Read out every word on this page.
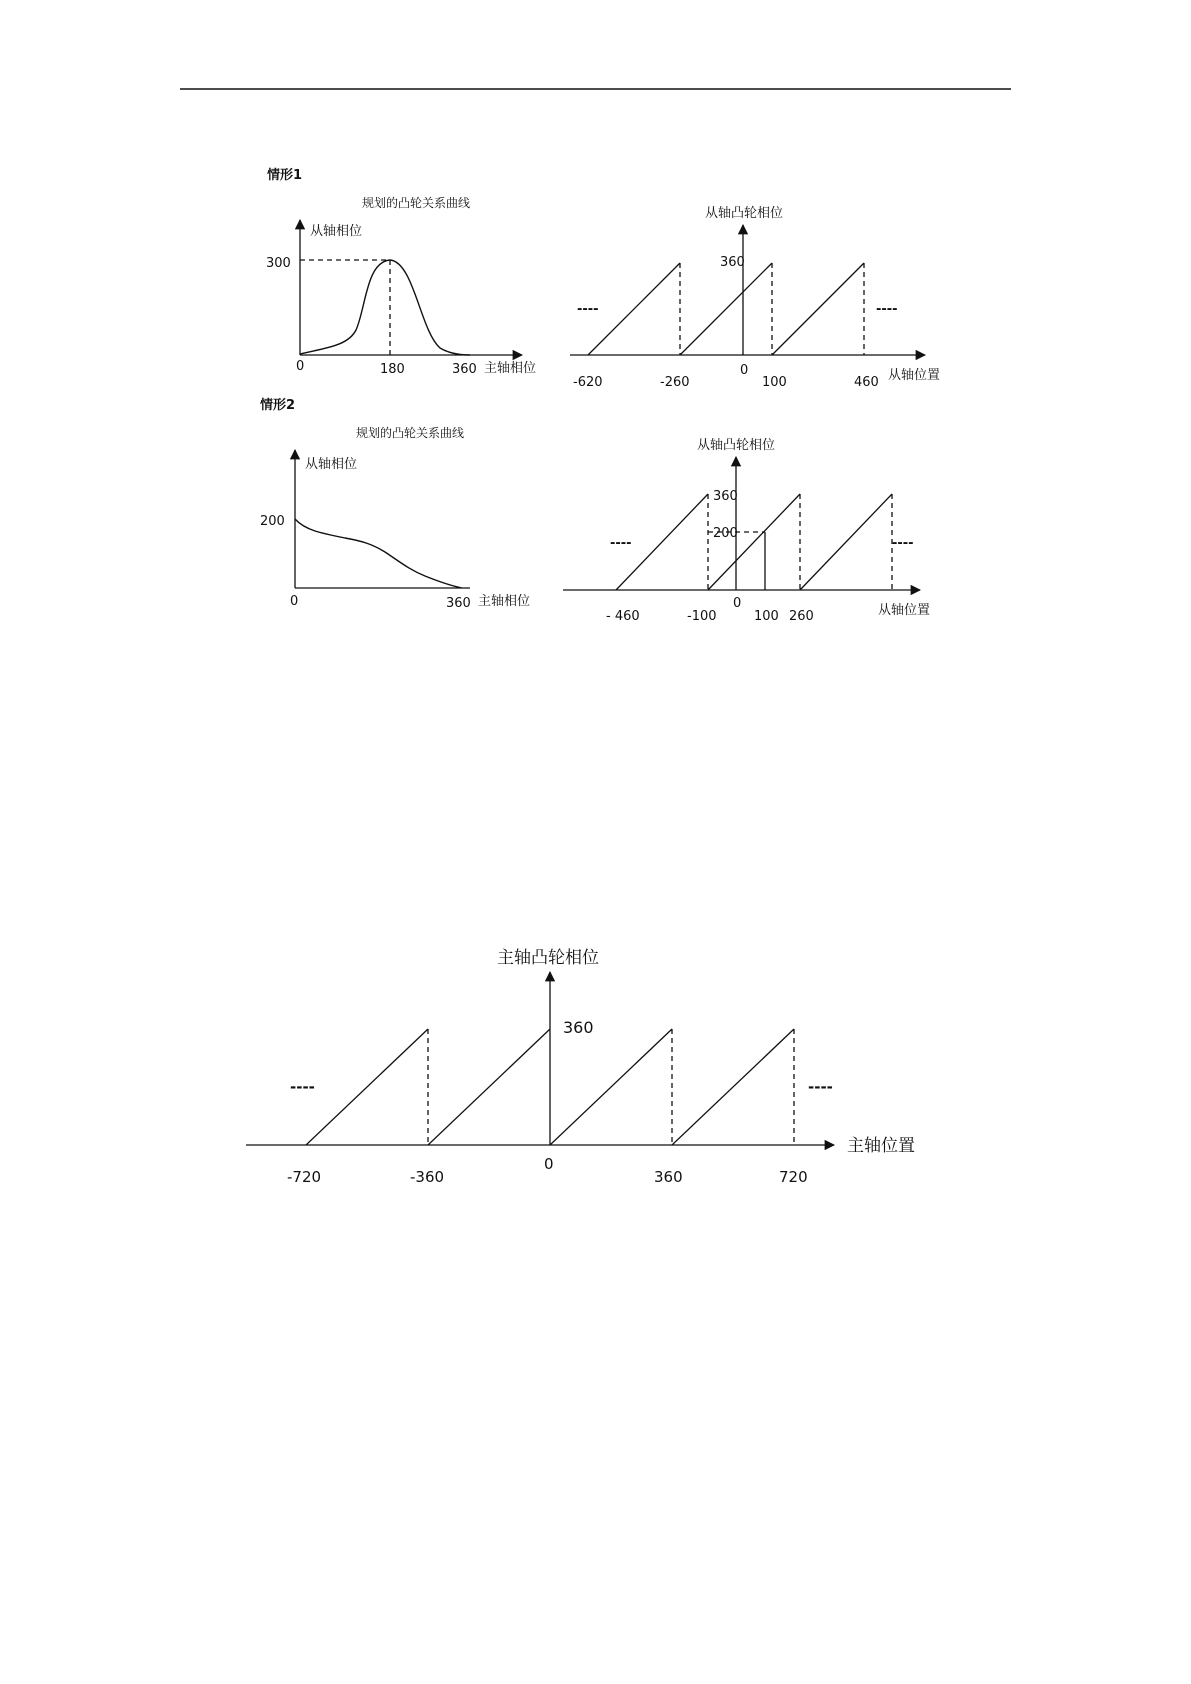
情形1
情形2
规划的凸轮关系曲线
从轴相位
主轴相位
300
0	180	360
从轴凸轮相位
从轴位置
360
----	----
-620	-260
0
100	460
规划的凸轮关系曲线
从轴相位
主轴相位
200
0	360
从轴凸轮相位
从轴位置
360
200
----	----
- 460	-100
0
100 260
主轴凸轮相位
主轴位置
360
----	----
-720	-360
0
360	720
